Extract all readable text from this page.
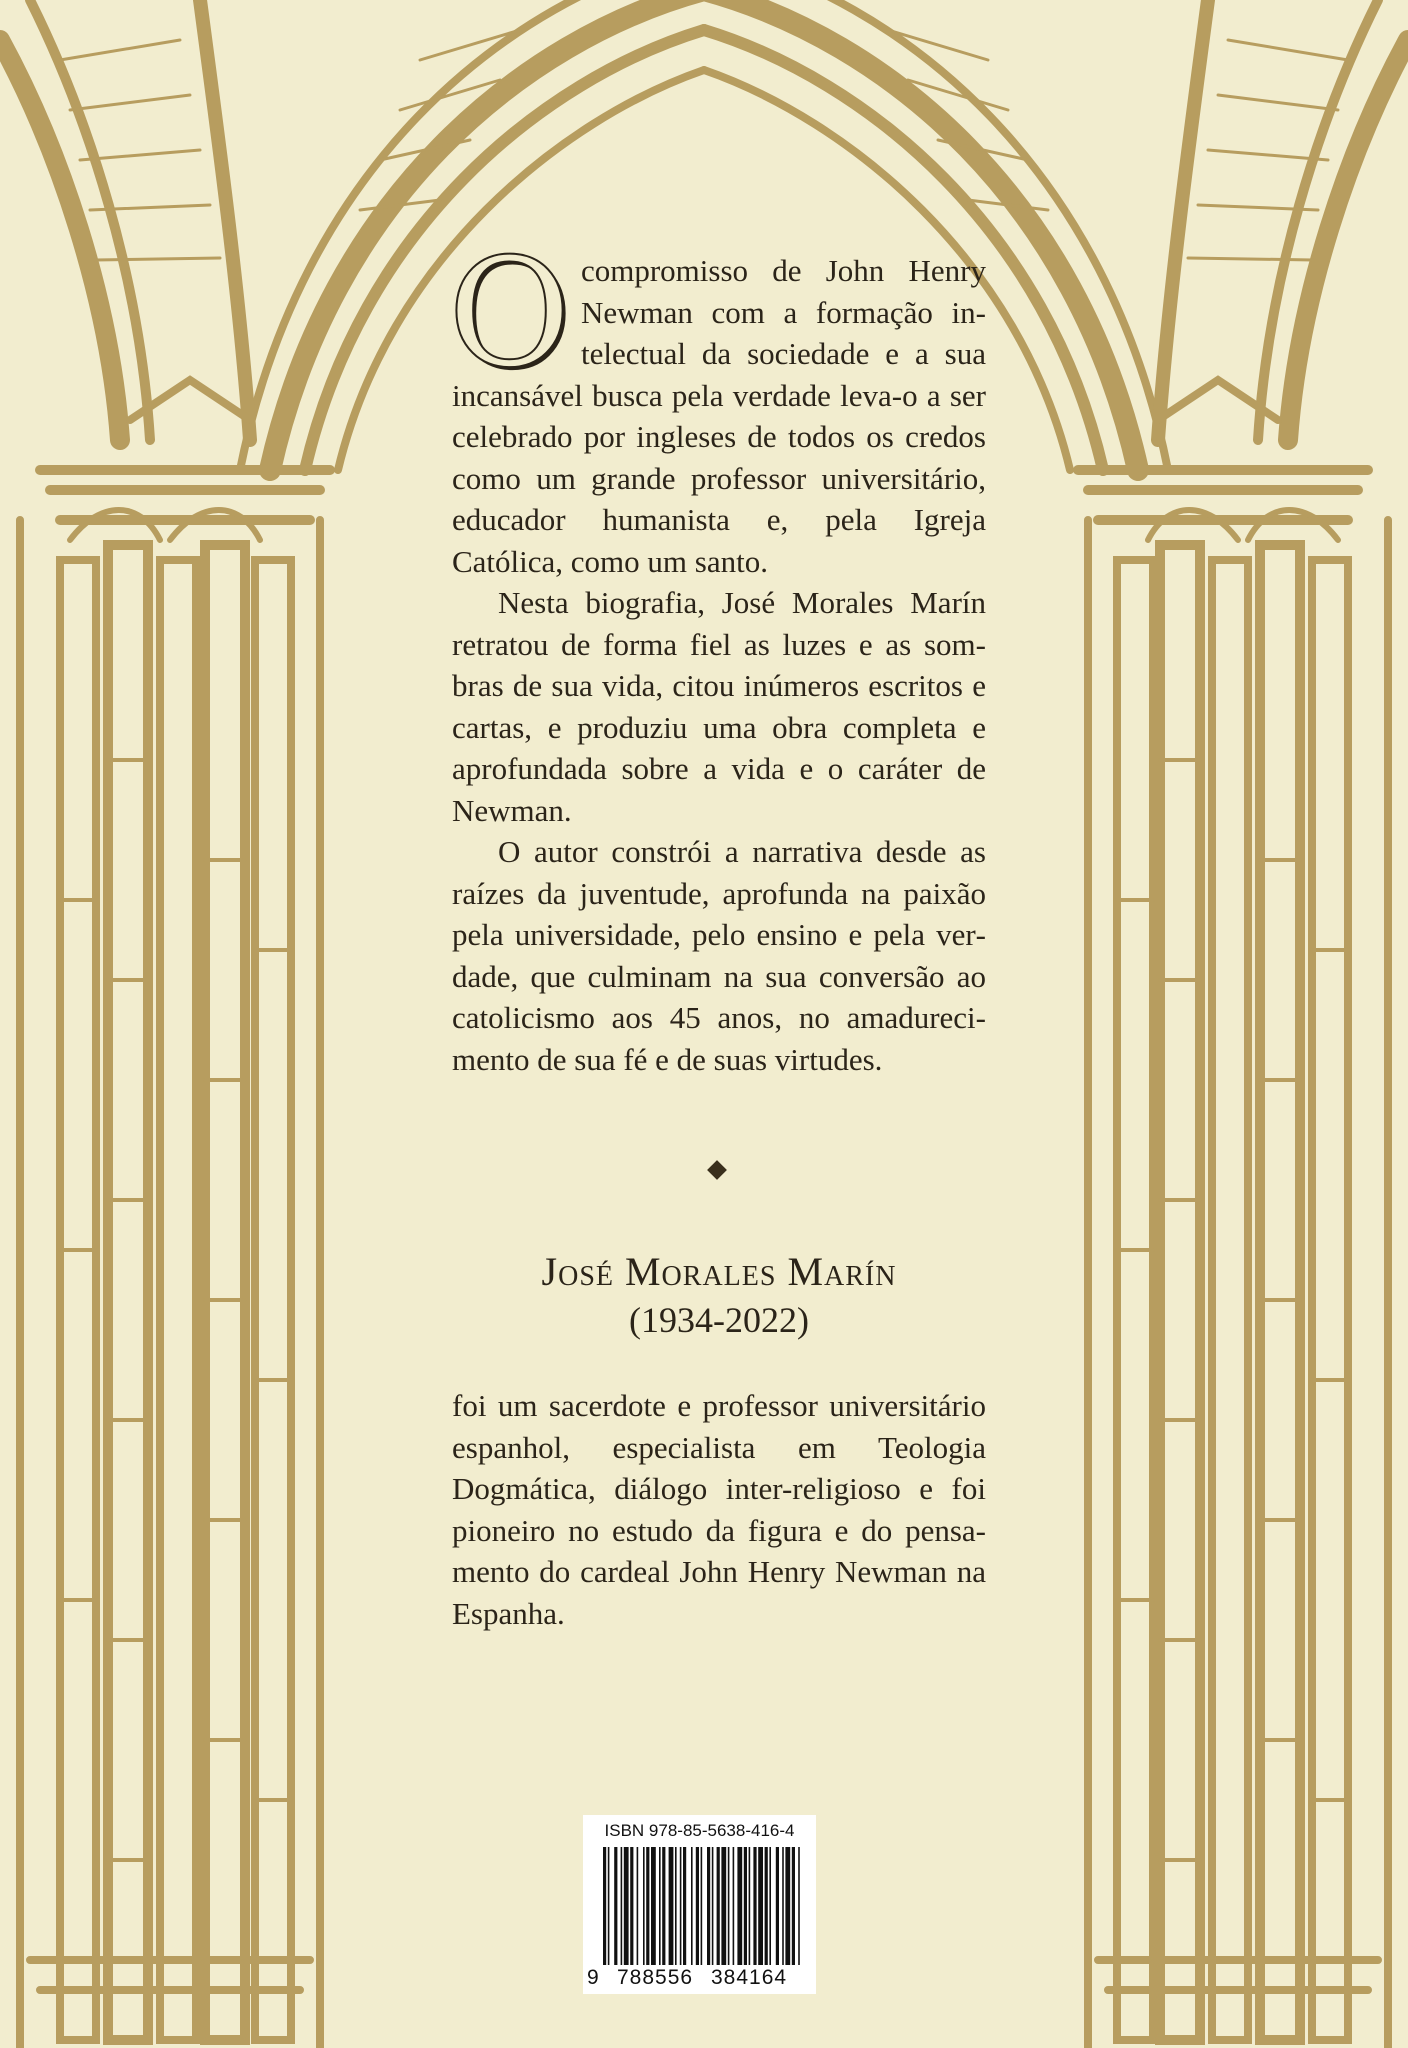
Ocompromisso de John Henry Newman com a formação intelectual da sociedade e a sua incansável busca pela verdade leva-o a ser celebrado por ingleses de todos os credos como um grande professor universitário, educador humanista e, pela Igreja Católica, como um santo.

Nesta biografia, José Morales Marín retratou de forma fiel as luzes e as sombras de sua vida, citou inúmeros escritos e cartas, e produziu uma obra completa e aprofundada sobre a vida e o caráter de Newman.

O autor constrói a narrativa desde as raízes da juventude, aprofunda na paixão pela universidade, pelo ensino e pela verdade, que culminam na sua conversão ao catolicismo aos 45 anos, no amadurecimento de sua fé e de suas virtudes.

José Morales Marín
(1934-2022)

foi um sacerdote e professor universitário espanhol, especialista em Teologia Dogmática, diálogo inter-religioso e foi pioneiro no estudo da figura e do pensamento do cardeal John Henry Newman na Espanha.

ISBN 978-85-5638-416-4
9 788556 384164
